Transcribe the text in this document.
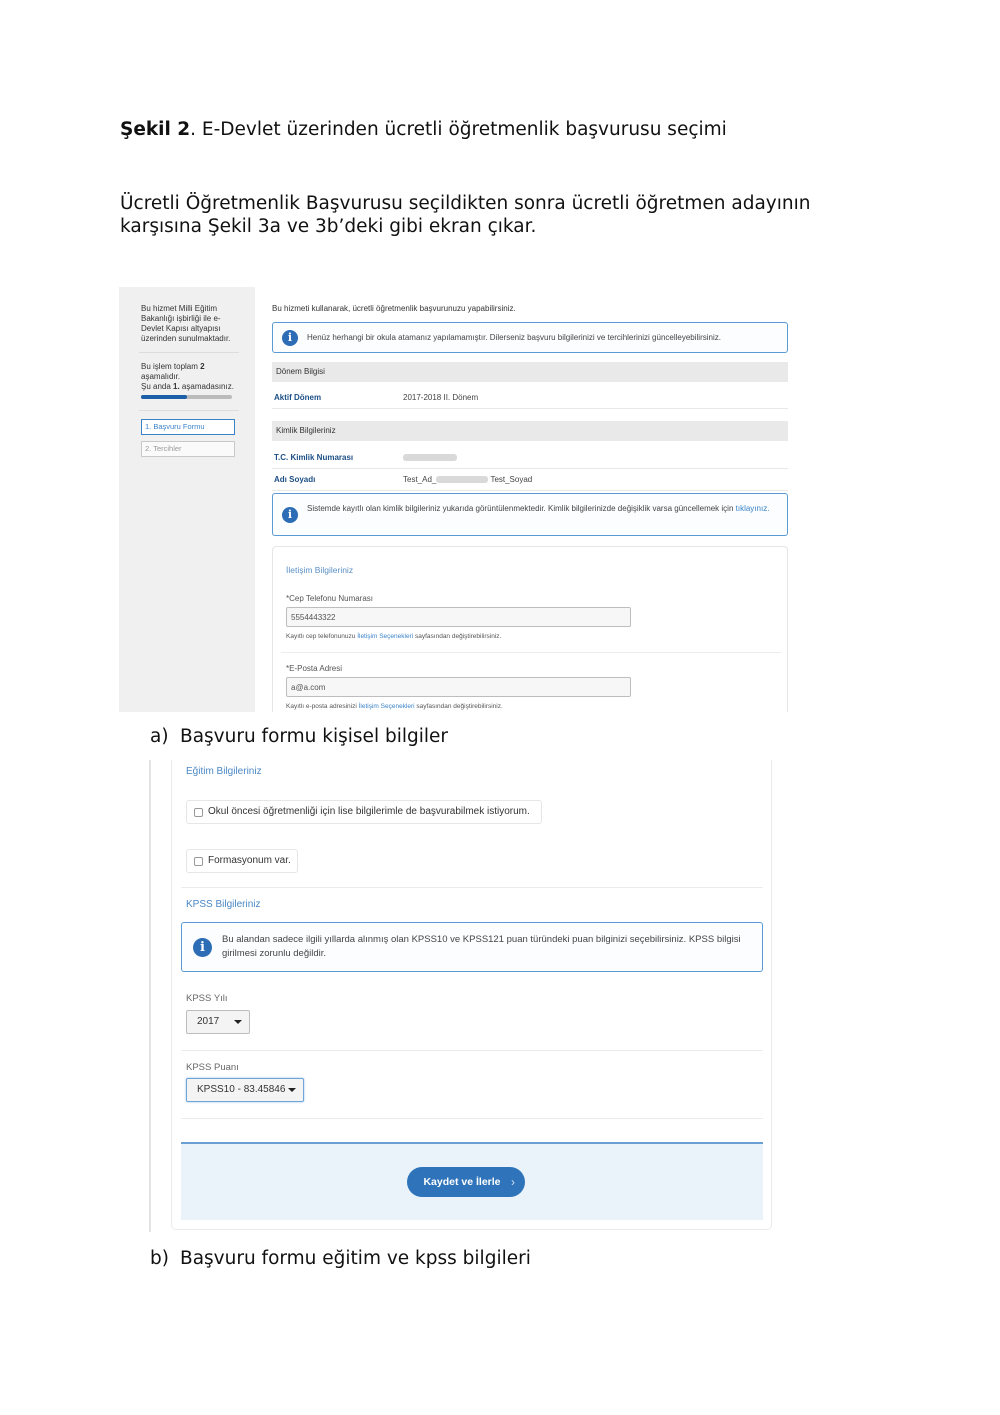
Şekil 2. E-Devlet üzerinden ücretli öğretmenlik başvurusu seçimi
Ücretli Öğretmenlik Başvurusu seçildikten sonra ücretli öğretmen adayının karşısına Şekil 3a ve 3b’deki gibi ekran çıkar.
Bu hizmet Milli Eğitim Bakanlığı işbirliği ile e-Devlet Kapısı altyapısı üzerinden sunulmaktadır.
Bu işlem toplam 2 aşamalıdır.
Şu anda 1. aşamadasınız.
1. Başvuru Formu
2. Tercihler
Bu hizmeti kullanarak, ücretli öğretmenlik başvurunuzu yapabilirsiniz.
i	Henüz herhangi bir okula atamanız yapılamamıştır. Dilerseniz başvuru bilgilerinizi ve tercihlerinizi güncelleyebilirsiniz.
Dönem Bilgisi
Aktif Dönem	2017-2018 II. Dönem
Kimlik Bilgileriniz
T.C. Kimlik Numarası
Adı Soyadı	Test_Ad_	Test_Soyad
i	Sistemde kayıtlı olan kimlik bilgileriniz yukarıda görüntülenmektedir. Kimlik bilgilerinizde değişiklik varsa güncellemek için tıklayınız.
İletişim Bilgileriniz
*Cep Telefonu Numarası
5554443322
Kayıtlı cep telefonunuzu İletişim Seçenekleri sayfasından değiştirebilirsiniz.
*E-Posta Adresi
a@a.com
Kayıtlı e-posta adresinizi İletişim Seçenekleri sayfasından değiştirebilirsiniz.
a) Başvuru formu kişisel bilgiler
Eğitim Bilgileriniz
Okul öncesi öğretmenliği için lise bilgilerimle de başvurabilmek istiyorum.
Formasyonum var.
KPSS Bilgileriniz
i
Bu alandan sadece ilgili yıllarda alınmış olan KPSS10 ve KPSS121 puan türündeki puan bilginizi seçebilirsiniz. KPSS bilgisi girilmesi zorunlu değildir.
KPSS Yılı
2017
KPSS Puanı
KPSS10 - 83.45846
Kaydet ve İlerle ›
b) Başvuru formu eğitim ve kpss bilgileri
